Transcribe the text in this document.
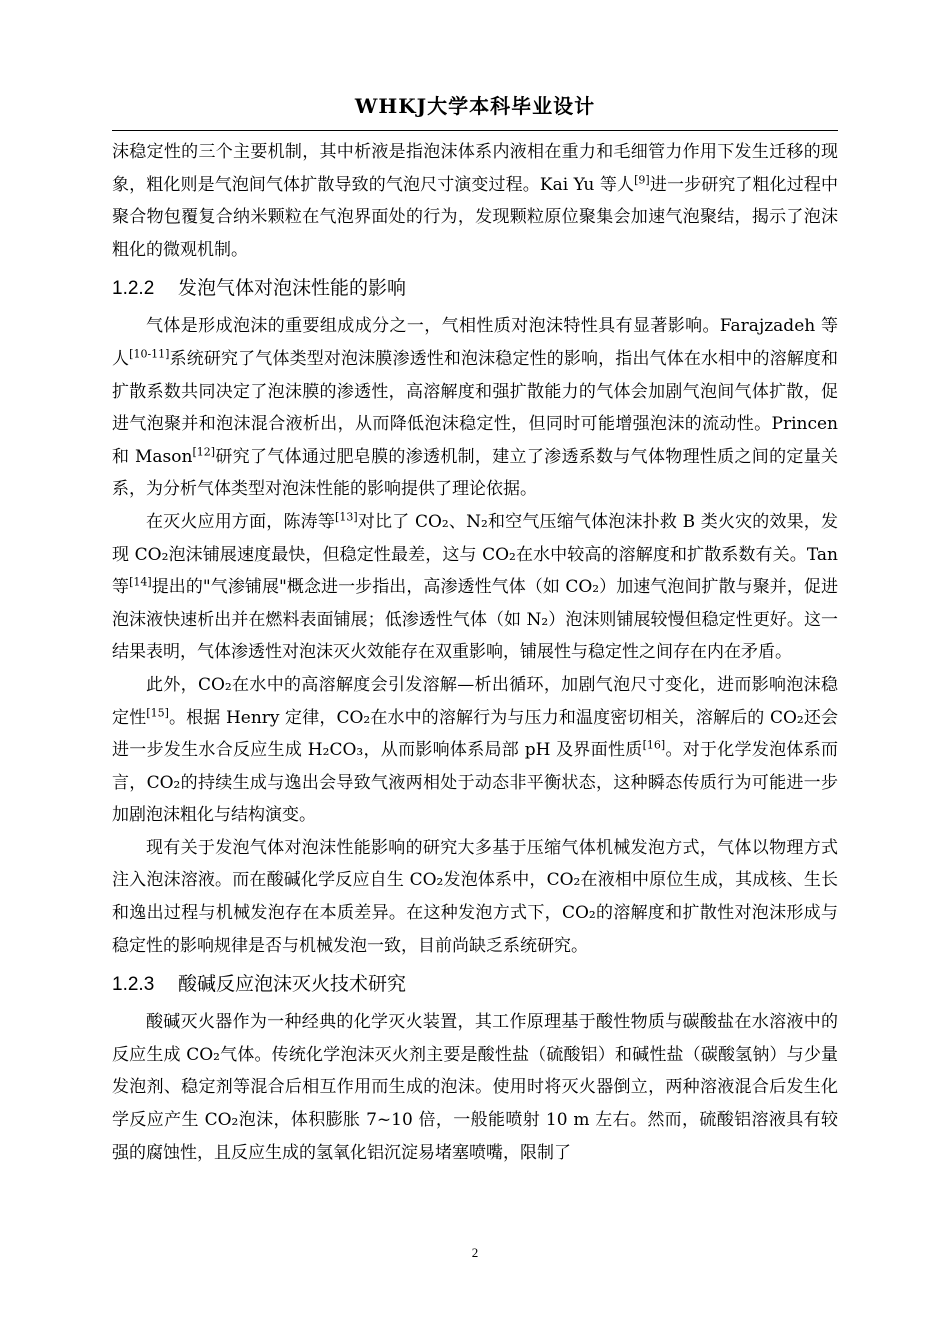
WHKJ大学本科毕业设计

沫稳定性的三个主要机制，其中析液是指泡沫体系内液相在重力和毛细管力作用下发生迁移的现象，粗化则是气泡间气体扩散导致的气泡尺寸演变过程。Kai Yu 等人[9]进一步研究了粗化过程中聚合物包覆复合纳米颗粒在气泡界面处的行为，发现颗粒原位聚集会加速气泡聚结，揭示了泡沫粗化的微观机制。

1.2.2 发泡气体对泡沫性能的影响

气体是形成泡沫的重要组成成分之一，气相性质对泡沫特性具有显著影响。Farajzadeh 等人[10-11]系统研究了气体类型对泡沫膜渗透性和泡沫稳定性的影响，指出气体在水相中的溶解度和扩散系数共同决定了泡沫膜的渗透性，高溶解度和强扩散能力的气体会加剧气泡间气体扩散，促进气泡聚并和泡沫混合液析出，从而降低泡沫稳定性，但同时可能增强泡沫的流动性。Princen 和 Mason[12]研究了气体通过肥皂膜的渗透机制，建立了渗透系数与气体物理性质之间的定量关系，为分析气体类型对泡沫性能的影响提供了理论依据。

在灭火应用方面，陈涛等[13]对比了 CO₂、N₂和空气压缩气体泡沫扑救 B 类火灾的效果，发现 CO₂泡沫铺展速度最快，但稳定性最差，这与 CO₂在水中较高的溶解度和扩散系数有关。Tan 等[14]提出的"气渗铺展"概念进一步指出，高渗透性气体（如 CO₂）加速气泡间扩散与聚并，促进泡沫液快速析出并在燃料表面铺展；低渗透性气体（如 N₂）泡沫则铺展较慢但稳定性更好。这一结果表明，气体渗透性对泡沫灭火效能存在双重影响，铺展性与稳定性之间存在内在矛盾。

此外，CO₂在水中的高溶解度会引发溶解—析出循环，加剧气泡尺寸变化，进而影响泡沫稳定性[15]。根据 Henry 定律，CO₂在水中的溶解行为与压力和温度密切相关，溶解后的 CO₂还会进一步发生水合反应生成 H₂CO₃，从而影响体系局部 pH 及界面性质[16]。对于化学发泡体系而言，CO₂的持续生成与逸出会导致气液两相处于动态非平衡状态，这种瞬态传质行为可能进一步加剧泡沫粗化与结构演变。

现有关于发泡气体对泡沫性能影响的研究大多基于压缩气体机械发泡方式，气体以物理方式注入泡沫溶液。而在酸碱化学反应自生 CO₂发泡体系中，CO₂在液相中原位生成，其成核、生长和逸出过程与机械发泡存在本质差异。在这种发泡方式下，CO₂的溶解度和扩散性对泡沫形成与稳定性的影响规律是否与机械发泡一致，目前尚缺乏系统研究。

1.2.3 酸碱反应泡沫灭火技术研究

酸碱灭火器作为一种经典的化学灭火装置，其工作原理基于酸性物质与碳酸盐在水溶液中的反应生成 CO₂气体。传统化学泡沫灭火剂主要是酸性盐（硫酸铝）和碱性盐（碳酸氢钠）与少量发泡剂、稳定剂等混合后相互作用而生成的泡沫。使用时将灭火器倒立，两种溶液混合后发生化学反应产生 CO₂泡沫，体积膨胀 7~10 倍，一般能喷射 10 m 左右。然而，硫酸铝溶液具有较强的腐蚀性，且反应生成的氢氧化铝沉淀易堵塞喷嘴，限制了

2
